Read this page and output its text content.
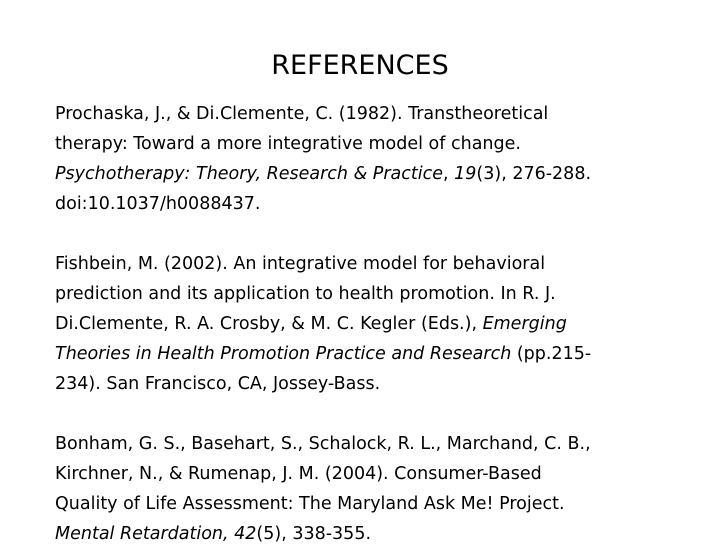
REFERENCES

Prochaska, J., & Di.Clemente, C. (1982). Transtheoretical
therapy: Toward a more integrative model of change.
Psychotherapy: Theory, Research & Practice, 19(3), 276-288.
doi:10.1037/h0088437.

Fishbein, M. (2002). An integrative model for behavioral
prediction and its application to health promotion. In R. J.
Di.Clemente, R. A. Crosby, & M. C. Kegler (Eds.), Emerging
Theories in Health Promotion Practice and Research (pp.215-
234). San Francisco, CA, Jossey-Bass.

Bonham, G. S., Basehart, S., Schalock, R. L., Marchand, C. B.,
Kirchner, N., & Rumenap, J. M. (2004). Consumer-Based
Quality of Life Assessment: The Maryland Ask Me! Project.
Mental Retardation, 42(5), 338-355.
